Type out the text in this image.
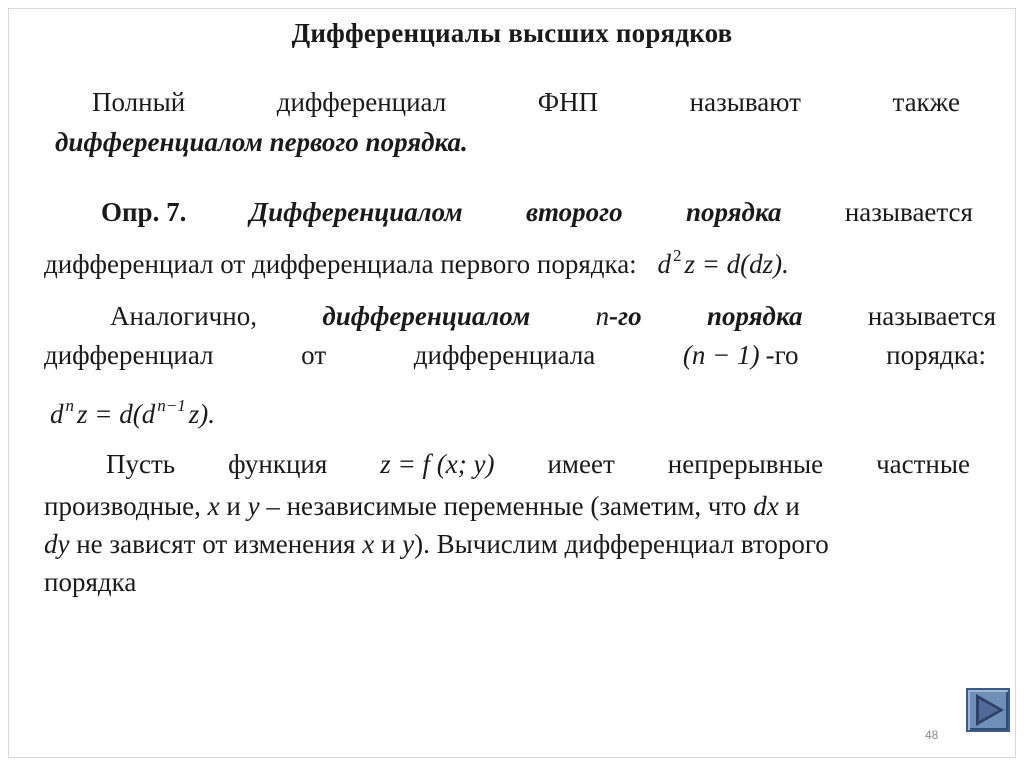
Дифференциалы высших порядков
Полный	дифференциал	ФНП	называют	также
дифференциалом первого порядка.
Опр. 7. Дифференциалом второго порядка называется
дифференциал от дифференциала первого порядка: d $^2$ z = d(dz).
Аналогично, дифференциалом n-го порядка называется
дифференциал	от	дифференциала	(n − 1) -го	порядка:
d $^n$ z = d(d $^{n-1}$ z).
Пусть функция z = f (x; y) имеет непрерывные частные
производные, x и y – независимые переменные (заметим, что dx и
dy не зависят от изменения x и y). Вычислим дифференциал второго
порядка
48
